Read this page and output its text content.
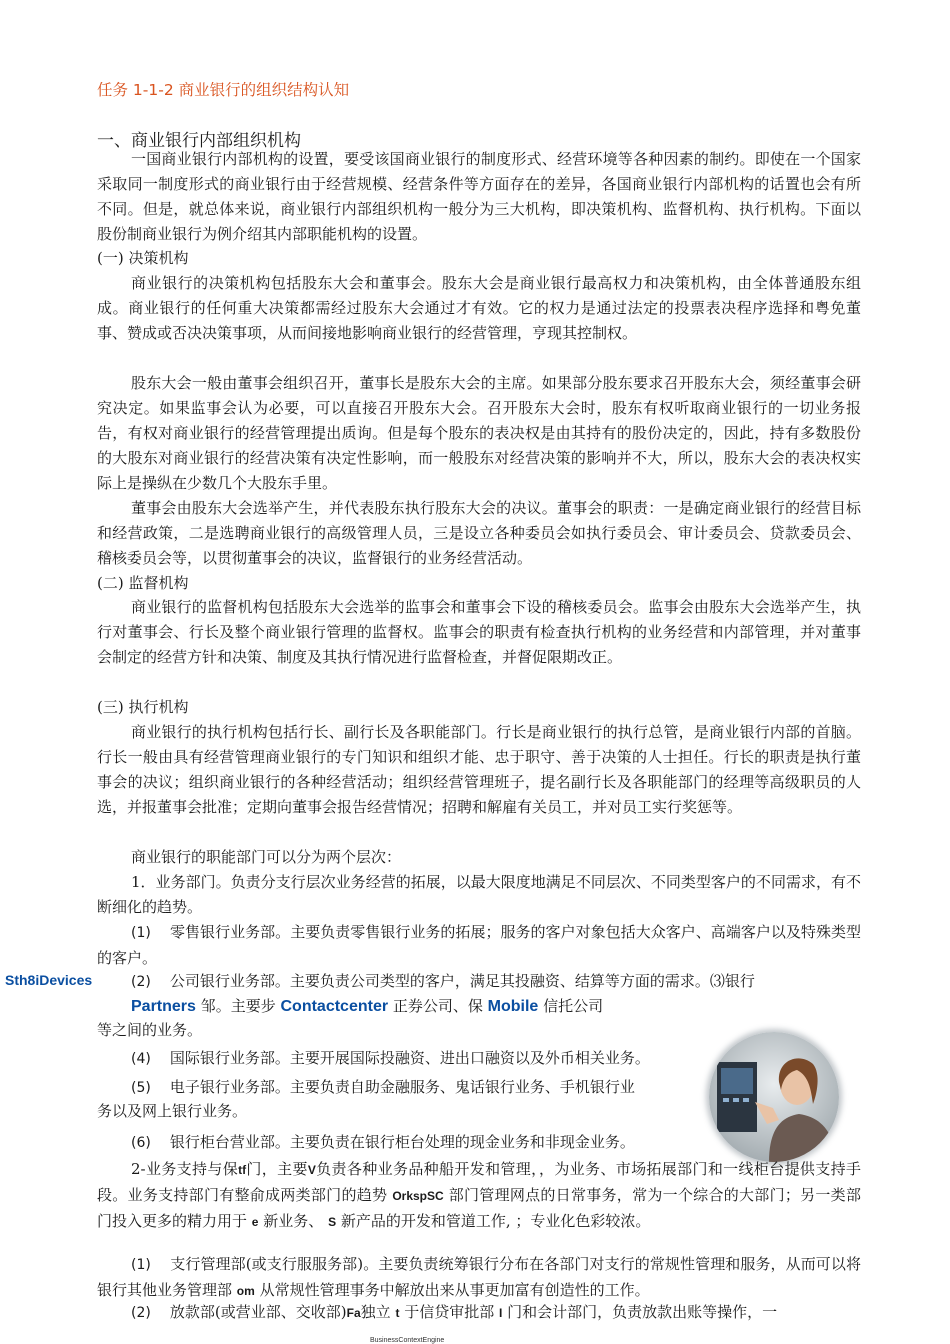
任务 1-1-2 商业银行的组织结构认知
一、商业银行内部组织机构
一国商业银行内部机构的设置，要受该国商业银行的制度形式、经营环境等各种因素的制约。即使在一个国家采取同一制度形式的商业银行由于经营规模、经营条件等方面存在的差异，各国商业银行内部机构的话置也会有所不同。但是，就总体来说，商业银行内部组织机构一般分为三大机构，即决策机构、监督机构、执行机构。下面以股份制商业银行为例介绍其内部职能机构的设置。
(一) 决策机构
商业银行的决策机构包括股东大会和董事会。股东大会是商业银行最高权力和决策机构，由全体普通股东组成。商业银行的任何重大决策都需经过股东大会通过才有效。它的权力是通过法定的投票表决程序选择和粤免董事、赞成或否决决策事项，从而间接地影响商业银行的经营管理，亨现其控制权。
股东大会一般由董事会组织召开，董事长是股东大会的主席。如果部分股东要求召开股东大会，须经董事会研究决定。如果监事会认为必要，可以直接召开股东大会。召开股东大会时，股东有权听取商业银行的一切业务报告，有权对商业银行的经营管理提出质询。但是每个股东的表决权是由其持有的股份决定的，因此，持有多数股份的大股东对商业银行的经营决策有决定性影响，而一般股东对经营决策的影响并不大，所以，股东大会的表决权实际上是操纵在少数几个大股东手里。
董事会由股东大会选举产生，并代表股东执行股东大会的决议。董事会的职责：一是确定商业银行的经营目标和经营政策，二是选聘商业银行的高级管理人员，三是设立各种委员会如执行委员会、审计委员会、贷款委员会、稽核委员会等，以贯彻董事会的决议，监督银行的业务经营活动。
(二) 监督机构
商业银行的监督机构包括股东大会选举的监事会和董事会下设的稽核委员会。监事会由股东大会选举产生，执行对董事会、行长及整个商业银行管理的监督权。监事会的职责有检查执行机构的业务经营和内部管理，并对董事会制定的经营方针和决策、制度及其执行情况进行监督检查，并督促限期改正。
(三) 执行机构
商业银行的执行机构包括行长、副行长及各职能部门。行长是商业银行的执行总管，是商业银行内部的首脑。行长一般由具有经营管理商业银行的专门知识和组织才能、忠于职守、善于决策的人士担任。行长的职责是执行董事会的决议；组织商业银行的各种经营活动；组织经营管理班子，提名副行长及各职能部门的经理等高级职员的人选，并报董事会批准；定期向董事会报告经营情况；招聘和解雇有关员工，并对员工实行奖惩等。
商业银行的职能部门可以分为两个层次：
1．业务部门。负责分支行层次业务经营的拓展，以最大限度地满足不同层次、不同类型客户的不同需求，有不断细化的趋势。
(1) 零售银行业务部。主要负责零售银行业务的拓展；服务的客户对象包括大众客户、高端客户以及特殊类型的客户。
(2) 公司银行业务部。主要负责公司类型的客户，满足其投融资、结算等方面的需求。⑶银行
Sth8iDevices
Partners 邹。主要步 Contactcenter 正券公司、保 Mobile 信托公司
等之间的业务。
(4) 国际银行业务部。主要开展国际投融资、进出口融资以及外币相关业务。
(5) 电子银行业务部。主要负责自助金融服务、鬼话银行业务、手机银行业
务以及网上银行业务。
(6) 银行柜台营业部。主要负责在银行柜台处理的现金业务和非现金业务。
2-业务支持与保tf门，主要V负责各种业务品种船开发和管理，，为业务、市场拓展部门和一线柜台提供支持手段。业务支持部门有整俞成两类部门的趋势 OrkspSC 部门管理网点的日常事务，常为一个综合的大部门；另一类部门投入更多的精力用于 e 新业务、 S 新产品的开发和管道工作, ；专业化色彩较浓。
(1) 支行管理部(或支行服服务部)。主要负责统筹银行分布在各部门对支行的常规性管理和服务，从而可以将银行其他业务管理部 om 从常规性管理事务中解放出来从事更加富有创造性的工作。
(2) 放款部(或营业部、交收部)Fa独立 t 于信贷审批部 I 门和会计部门，负责放款出账等操作，一
BusinessContextEngine
